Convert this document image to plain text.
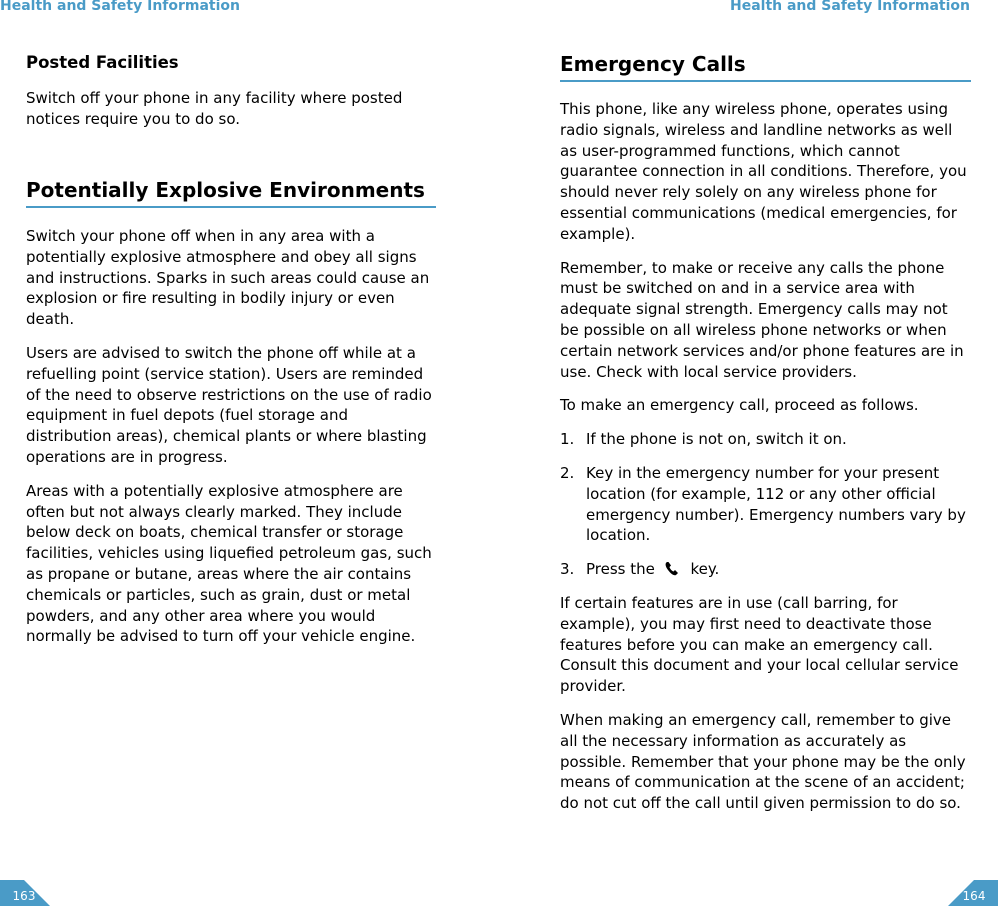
Health and Safety Information	Health and Safety Information
Posted Facilities

Switch off your phone in any facility where posted notices require you to do so.

Potentially Explosive Environments

Switch your phone off when in any area with a potentially explosive atmosphere and obey all signs and instructions. Sparks in such areas could cause an explosion or fire resulting in bodily injury or even death.

Users are advised to switch the phone off while at a refuelling point (service station). Users are reminded of the need to observe restrictions on the use of radio equipment in fuel depots (fuel storage and distribution areas), chemical plants or where blasting operations are in progress.

Areas with a potentially explosive atmosphere are often but not always clearly marked. They include below deck on boats, chemical transfer or storage facilities, vehicles using liquefied petroleum gas, such as propane or butane, areas where the air contains chemicals or particles, such as grain, dust or metal powders, and any other area where you would normally be advised to turn off your vehicle engine.

Emergency Calls

This phone, like any wireless phone, operates using radio signals, wireless and landline networks as well as user-programmed functions, which cannot guarantee connection in all conditions. Therefore, you should never rely solely on any wireless phone for essential communications (medical emergencies, for example).

Remember, to make or receive any calls the phone must be switched on and in a service area with adequate signal strength. Emergency calls may not be possible on all wireless phone networks or when certain network services and/or phone features are in use. Check with local service providers.

To make an emergency call, proceed as follows.

1. If the phone is not on, switch it on.
2. Key in the emergency number for your present location (for example, 112 or any other official emergency number). Emergency numbers vary by location.
3. Press the key.

If certain features are in use (call barring, for example), you may first need to deactivate those features before you can make an emergency call. Consult this document and your local cellular service provider.

When making an emergency call, remember to give all the necessary information as accurately as possible. Remember that your phone may be the only means of communication at the scene of an accident; do not cut off the call until given permission to do so.

163	164
